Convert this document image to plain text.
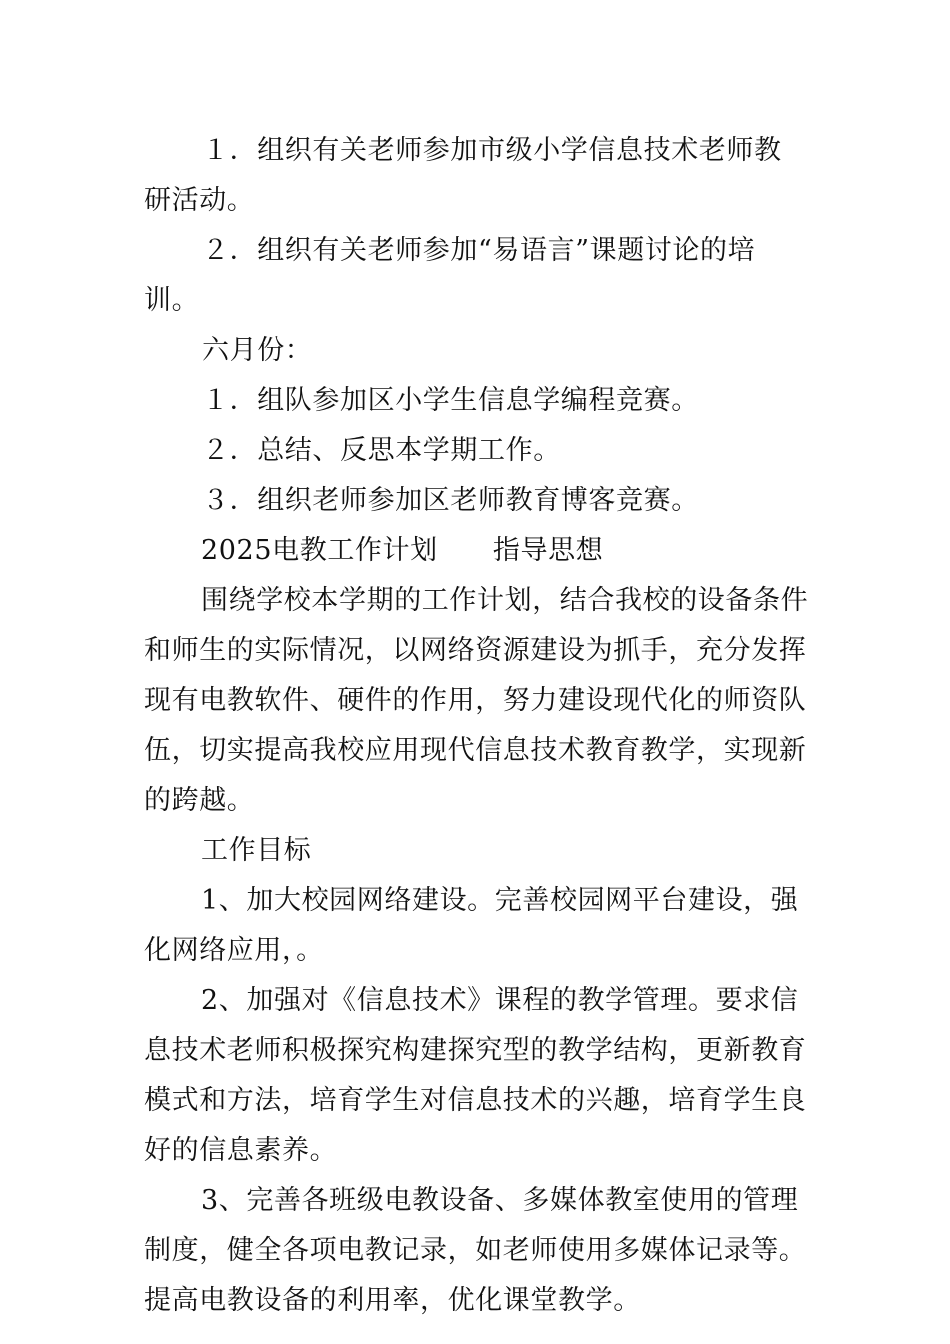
１．组织有关老师参加市级小学信息技术老师教研活动。

２．组织有关老师参加“易语言”课题讨论的培训。

六月份：

１．组队参加区小学生信息学编程竞赛。

２．总结、反思本学期工作。

３．组织老师参加区老师教育博客竞赛。

2025电教工作计划　　指导思想

围绕学校本学期的工作计划，结合我校的设备条件和师生的实际情况，以网络资源建设为抓手，充分发挥现有电教软件、硬件的作用，努力建设现代化的师资队伍，切实提高我校应用现代信息技术教育教学，实现新的跨越。

工作目标

1、加大校园网络建设。完善校园网平台建设，强化网络应用，。

2、加强对《信息技术》课程的教学管理。要求信息技术老师积极探究构建探究型的教学结构，更新教育模式和方法，培育学生对信息技术的兴趣，培育学生良好的信息素养。

3、完善各班级电教设备、多媒体教室使用的管理制度，健全各项电教记录，如老师使用多媒体记录等。提高电教设备的利用率，优化课堂教学。
